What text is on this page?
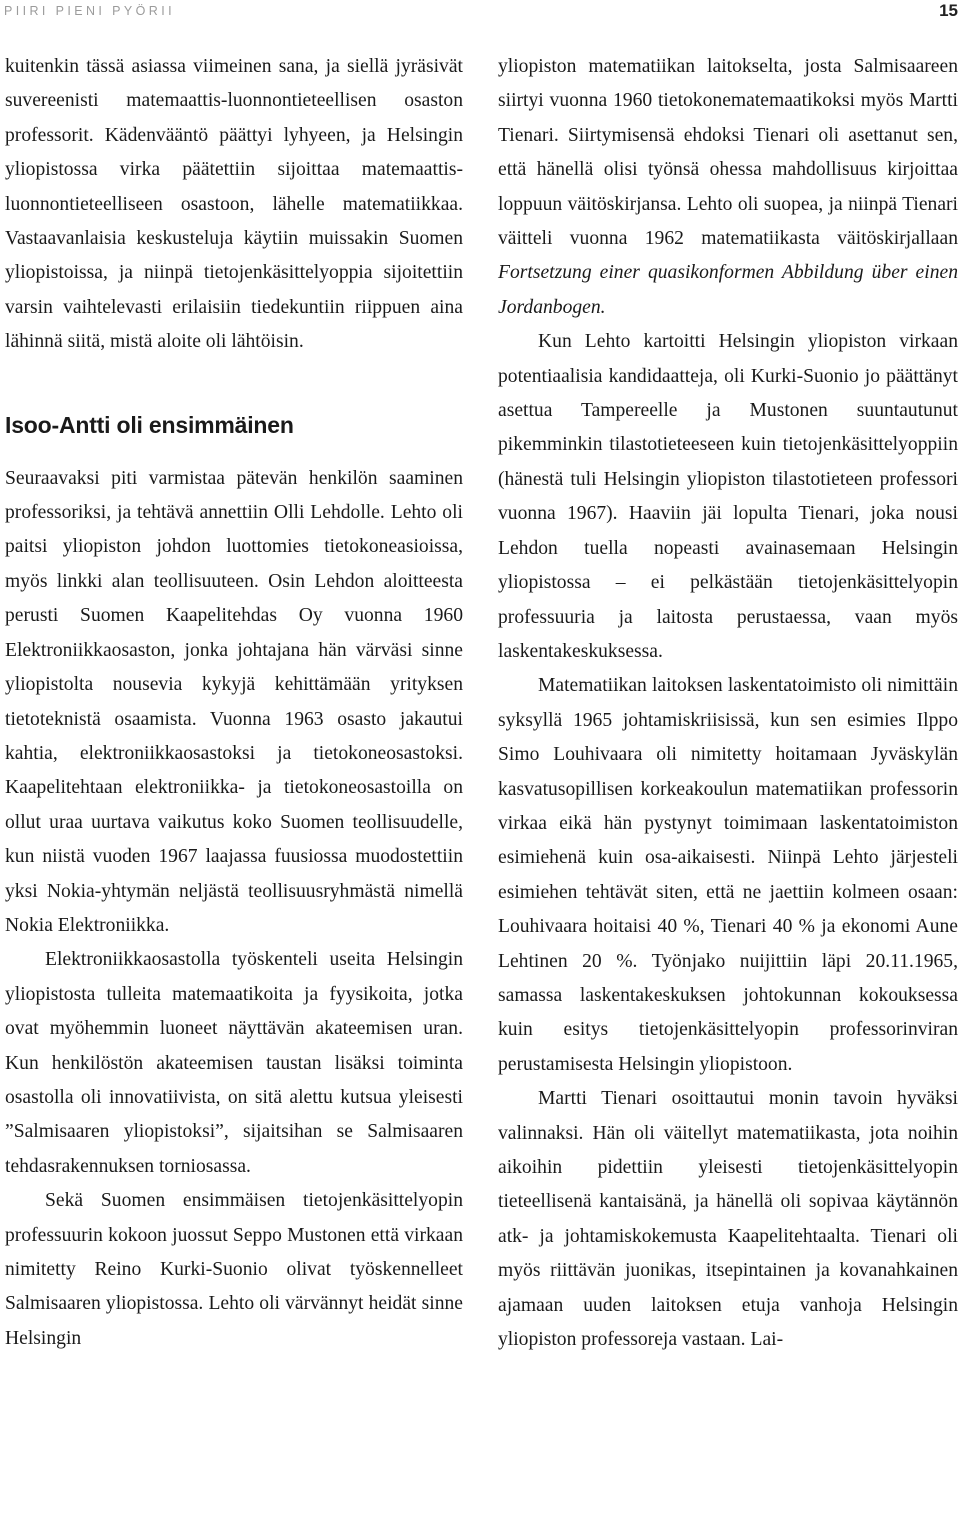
PIIRI PIENI PYÖRII	15

kuitenkin tässä asiassa viimeinen sana, ja siellä jyräsivät suvereenisti matemaattis-luonnontieteellisen osaston professorit. Kädenvääntö päättyi lyhyeen, ja Helsingin yliopistossa virka päätettiin sijoittaa matemaattis-luonnontieteelliseen osastoon, lähelle matematiikkaa. Vastaavanlaisia keskusteluja käytiin muissakin Suomen yliopistoissa, ja niinpä tietojenkäsittelyoppia sijoitettiin varsin vaihtelevasti erilaisiin tiedekuntiin riippuen aina lähinnä siitä, mistä aloite oli lähtöisin.

Isoo-Antti oli ensimmäinen

Seuraavaksi piti varmistaa pätevän henkilön saaminen professoriksi, ja tehtävä annettiin Olli Lehdolle. Lehto oli paitsi yliopiston johdon luottomies tietokoneasioissa, myös linkki alan teollisuuteen. Osin Lehdon aloitteesta perusti Suomen Kaapelitehdas Oy vuonna 1960 Elektroniikkaosaston, jonka johtajana hän värväsi sinne yliopistolta nousevia kykyjä kehittämään yrityksen tietoteknistä osaamista. Vuonna 1963 osasto jakautui kahtia, elektroniikkaosastoksi ja tietokoneosastoksi. Kaapelitehtaan elektroniikka- ja tietokoneosastoilla on ollut uraa uurtava vaikutus koko Suomen teollisuudelle, kun niistä vuoden 1967 laajassa fuusiossa muodostettiin yksi Nokia-yhtymän neljästä teollisuusryhmästä nimellä Nokia Elektroniikka.

Elektroniikkaosastolla työskenteli useita Helsingin yliopistosta tulleita matemaatikoita ja fyysikoita, jotka ovat myöhemmin luoneet näyttävän akateemisen uran. Kun henkilöstön akateemisen taustan lisäksi toiminta osastolla oli innovatiivista, on sitä alettu kutsua yleisesti ”Salmisaaren yliopistoksi”, sijaitsihan se Salmisaaren tehdasrakennuksen torniosassa.

Sekä Suomen ensimmäisen tietojenkäsittelyopin professuurin kokoon juossut Seppo Mustonen että virkaan nimitetty Reino Kurki-Suonio olivat työskennelleet Salmisaaren yliopistossa. Lehto oli värvännyt heidät sinne Helsingin

yliopiston matematiikan laitokselta, josta Salmisaareen siirtyi vuonna 1960 tietokonematemaatikoksi myös Martti Tienari. Siirtymisensä ehdoksi Tienari oli asettanut sen, että hänellä olisi työnsä ohessa mahdollisuus kirjoittaa loppuun väitöskirjansa. Lehto oli suopea, ja niinpä Tienari väitteli vuonna 1962 matematiikasta väitöskirjallaan Fortsetzung einer quasikonformen Abbildung über einen Jordanbogen.

Kun Lehto kartoitti Helsingin yliopiston virkaan potentiaalisia kandidaatteja, oli Kurki-Suonio jo päättänyt asettua Tampereelle ja Mustonen suuntautunut pikemminkin tilastotieteeseen kuin tietojenkäsittelyoppiin (hänestä tuli Helsingin yliopiston tilastotieteen professori vuonna 1967). Haaviin jäi lopulta Tienari, joka nousi Lehdon tuella nopeasti avainasemaan Helsingin yliopistossa – ei pelkästään tietojenkäsittelyopin professuuria ja laitosta perustaessa, vaan myös laskentakeskuksessa.

Matematiikan laitoksen laskentatoimisto oli nimittäin syksyllä 1965 johtamiskriisissä, kun sen esimies Ilppo Simo Louhivaara oli nimitetty hoitamaan Jyväskylän kasvatusopillisen korkeakoulun matematiikan professorin virkaa eikä hän pystynyt toimimaan laskentatoimiston esimiehenä kuin osa-aikaisesti. Niinpä Lehto järjesteli esimiehen tehtävät siten, että ne jaettiin kolmeen osaan: Louhivaara hoitaisi 40 %, Tienari 40 % ja ekonomi Aune Lehtinen 20 %. Työnjako nuijittiin läpi 20.11.1965, samassa laskentakeskuksen johtokunnan kokouksessa kuin esitys tietojenkäsittelyopin professorinviran perustamisesta Helsingin yliopistoon.

Martti Tienari osoittautui monin tavoin hyväksi valinnaksi. Hän oli väitellyt matematiikasta, jota noihin aikoihin pidettiin yleisesti tietojenkäsittelyopin tieteellisenä kantaisänä, ja hänellä oli sopivaa käytännön atk- ja johtamiskokemusta Kaapelitehtaalta. Tienari oli myös riittävän juonikas, itsepintainen ja kovanahkainen ajamaan uuden laitoksen etuja vanhoja Helsingin yliopiston professoreja vastaan. Lai-
